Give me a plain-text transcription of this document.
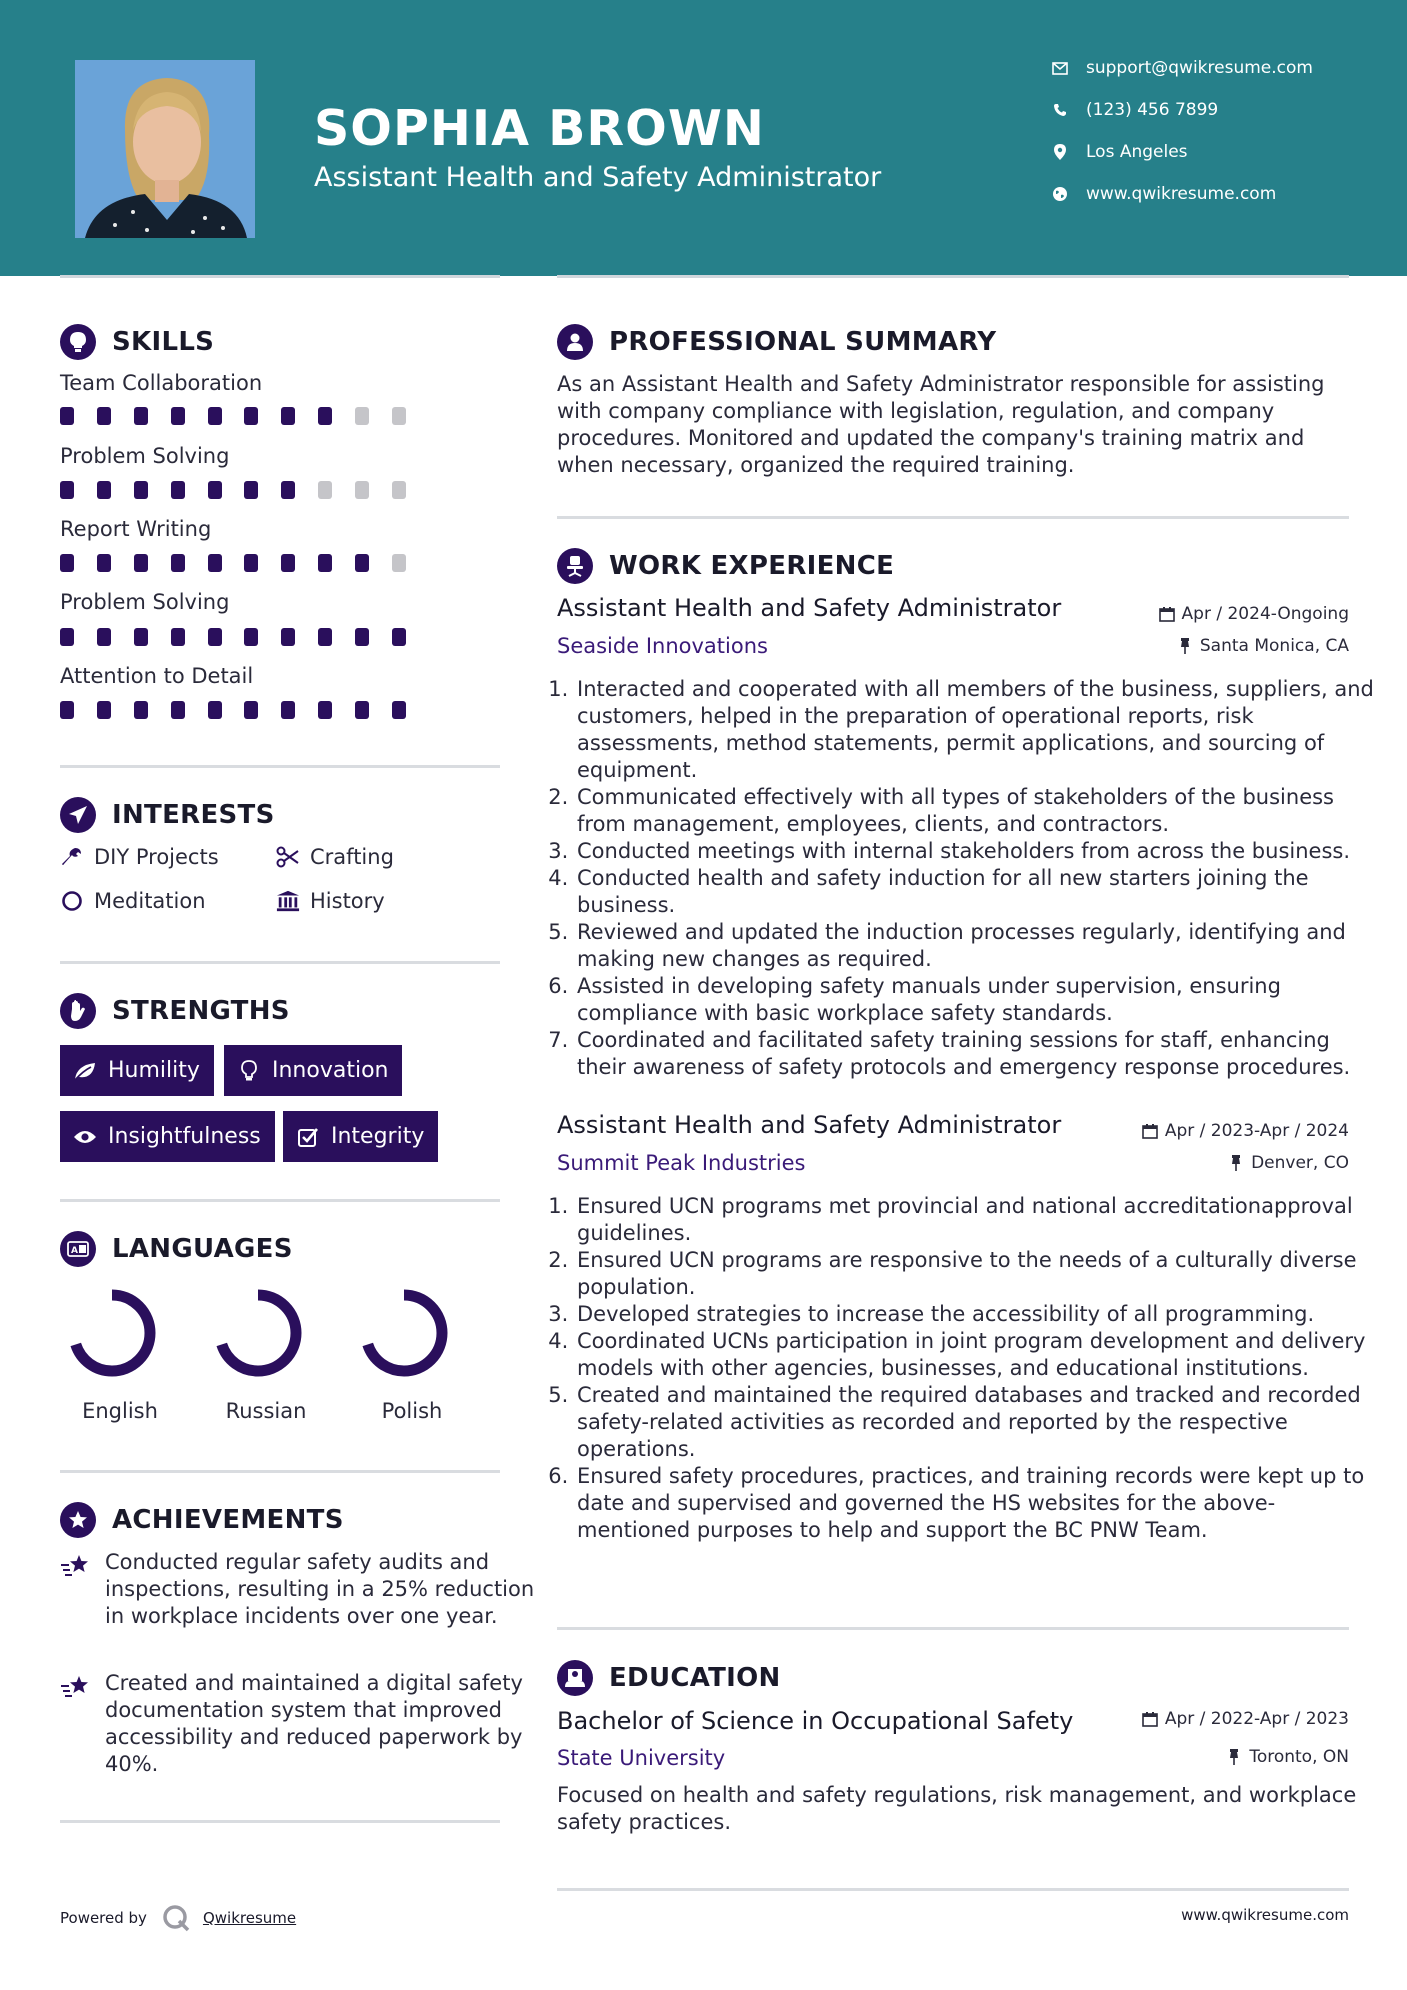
SOPHIA BROWN
Assistant Health and Safety Administrator
support@qwikresume.com
(123) 456 7899
Los Angeles
www.qwikresume.com
SKILLS
Team Collaboration
Problem Solving
Report Writing
Problem Solving
Attention to Detail
INTERESTS
DIY Projects	Crafting
Meditation	History
STRENGTHS
Humility	Innovation
Insightfulness	Integrity
A LANGUAGES
English	Russian	Polish
ACHIEVEMENTS
Conducted regular safety audits and inspections, resulting in a 25% reduction in workplace incidents over one year.
Created and maintained a digital safety documentation system that improved accessibility and reduced paperwork by 40%.
PROFESSIONAL SUMMARY
As an Assistant Health and Safety Administrator responsible for assisting with company compliance with legislation, regulation, and company procedures. Monitored and updated the company's training matrix and when necessary, organized the required training.
WORK EXPERIENCE
Assistant Health and Safety Administrator	Apr / 2024-Ongoing
Seaside Innovations	Santa Monica, CA
1. Interacted and cooperated with all members of the business, suppliers, and customers, helped in the preparation of operational reports, risk assessments, method statements, permit applications, and sourcing of equipment.
2. Communicated effectively with all types of stakeholders of the business from management, employees, clients, and contractors.
3. Conducted meetings with internal stakeholders from across the business.
4. Conducted health and safety induction for all new starters joining the business.
5. Reviewed and updated the induction processes regularly, identifying and making new changes as required.
6. Assisted in developing safety manuals under supervision, ensuring compliance with basic workplace safety standards.
7. Coordinated and facilitated safety training sessions for staff, enhancing their awareness of safety protocols and emergency response procedures.
Assistant Health and Safety Administrator	Apr / 2023-Apr / 2024
Summit Peak Industries	Denver, CO
1. Ensured UCN programs met provincial and national accreditationapproval guidelines.
2. Ensured UCN programs are responsive to the needs of a culturally diverse population.
3. Developed strategies to increase the accessibility of all programming.
4. Coordinated UCNs participation in joint program development and delivery models with other agencies, businesses, and educational institutions.
5. Created and maintained the required databases and tracked and recorded safety-related activities as recorded and reported by the respective operations.
6. Ensured safety procedures, practices, and training records were kept up to date and supervised and governed the HS websites for the above-mentioned purposes to help and support the BC PNW Team.
EDUCATION
Bachelor of Science in Occupational Safety	Apr / 2022-Apr / 2023
State University	Toronto, ON
Focused on health and safety regulations, risk management, and workplace safety practices.
Powered by	Qwikresume	www.qwikresume.com
